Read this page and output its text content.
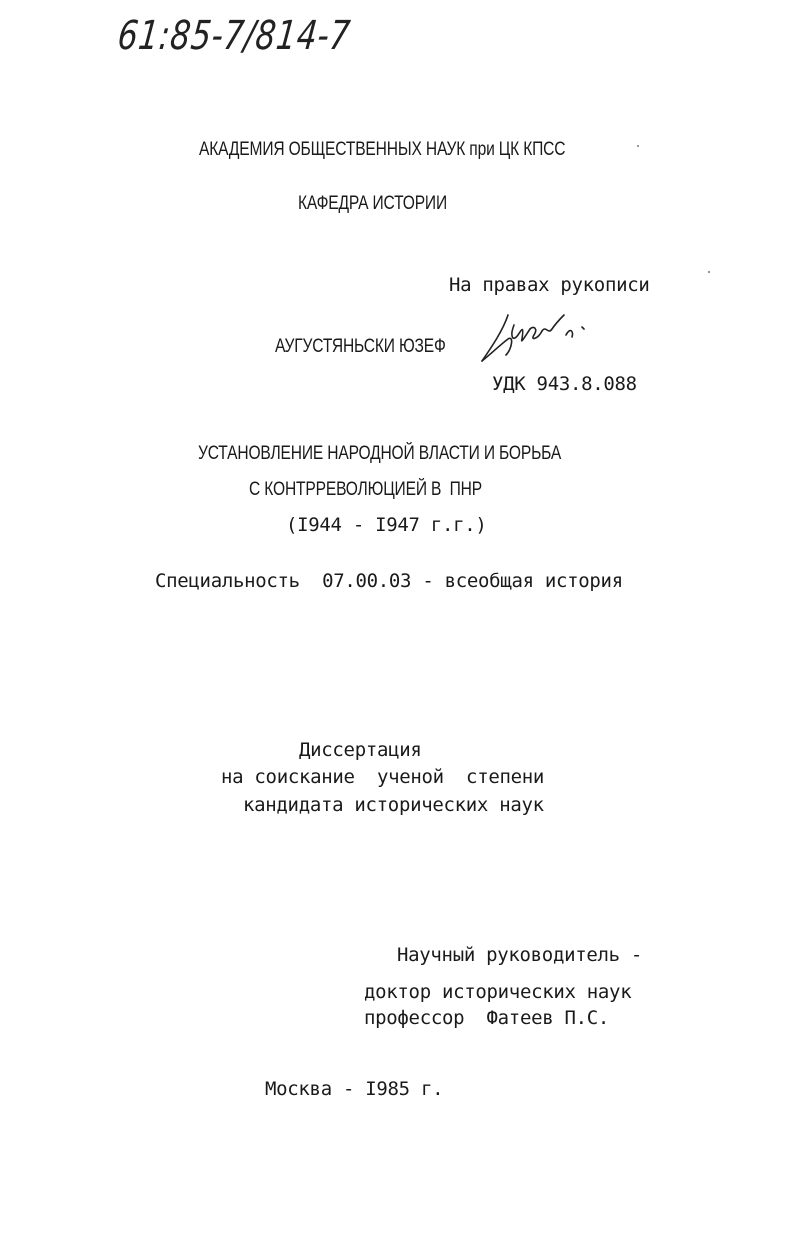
61:85-7/814-7
АКАДЕМИЯ ОБЩЕСТВЕННЫХ НАУК при ЦК КПСС
КАФЕДРА ИСТОРИИ
На правах рукописи
АУГУСТЯНЬСКИ ЮЗЕФ
УДК 943.8.088
УСТАНОВЛЕНИЕ НАРОДНОЙ ВЛАСТИ И БОРЬБА
С КОНТРРЕВОЛЮЦИЕЙ В  ПНР
(I944 - I947 г.г.)
Специальность  07.00.03 - всеобщая история
Диссертация
на соискание  ученой  степени
кандидата исторических наук
Научный руководитель -
доктор исторических наук
профессор  Фатеев П.С.
Москва - I985 г.
